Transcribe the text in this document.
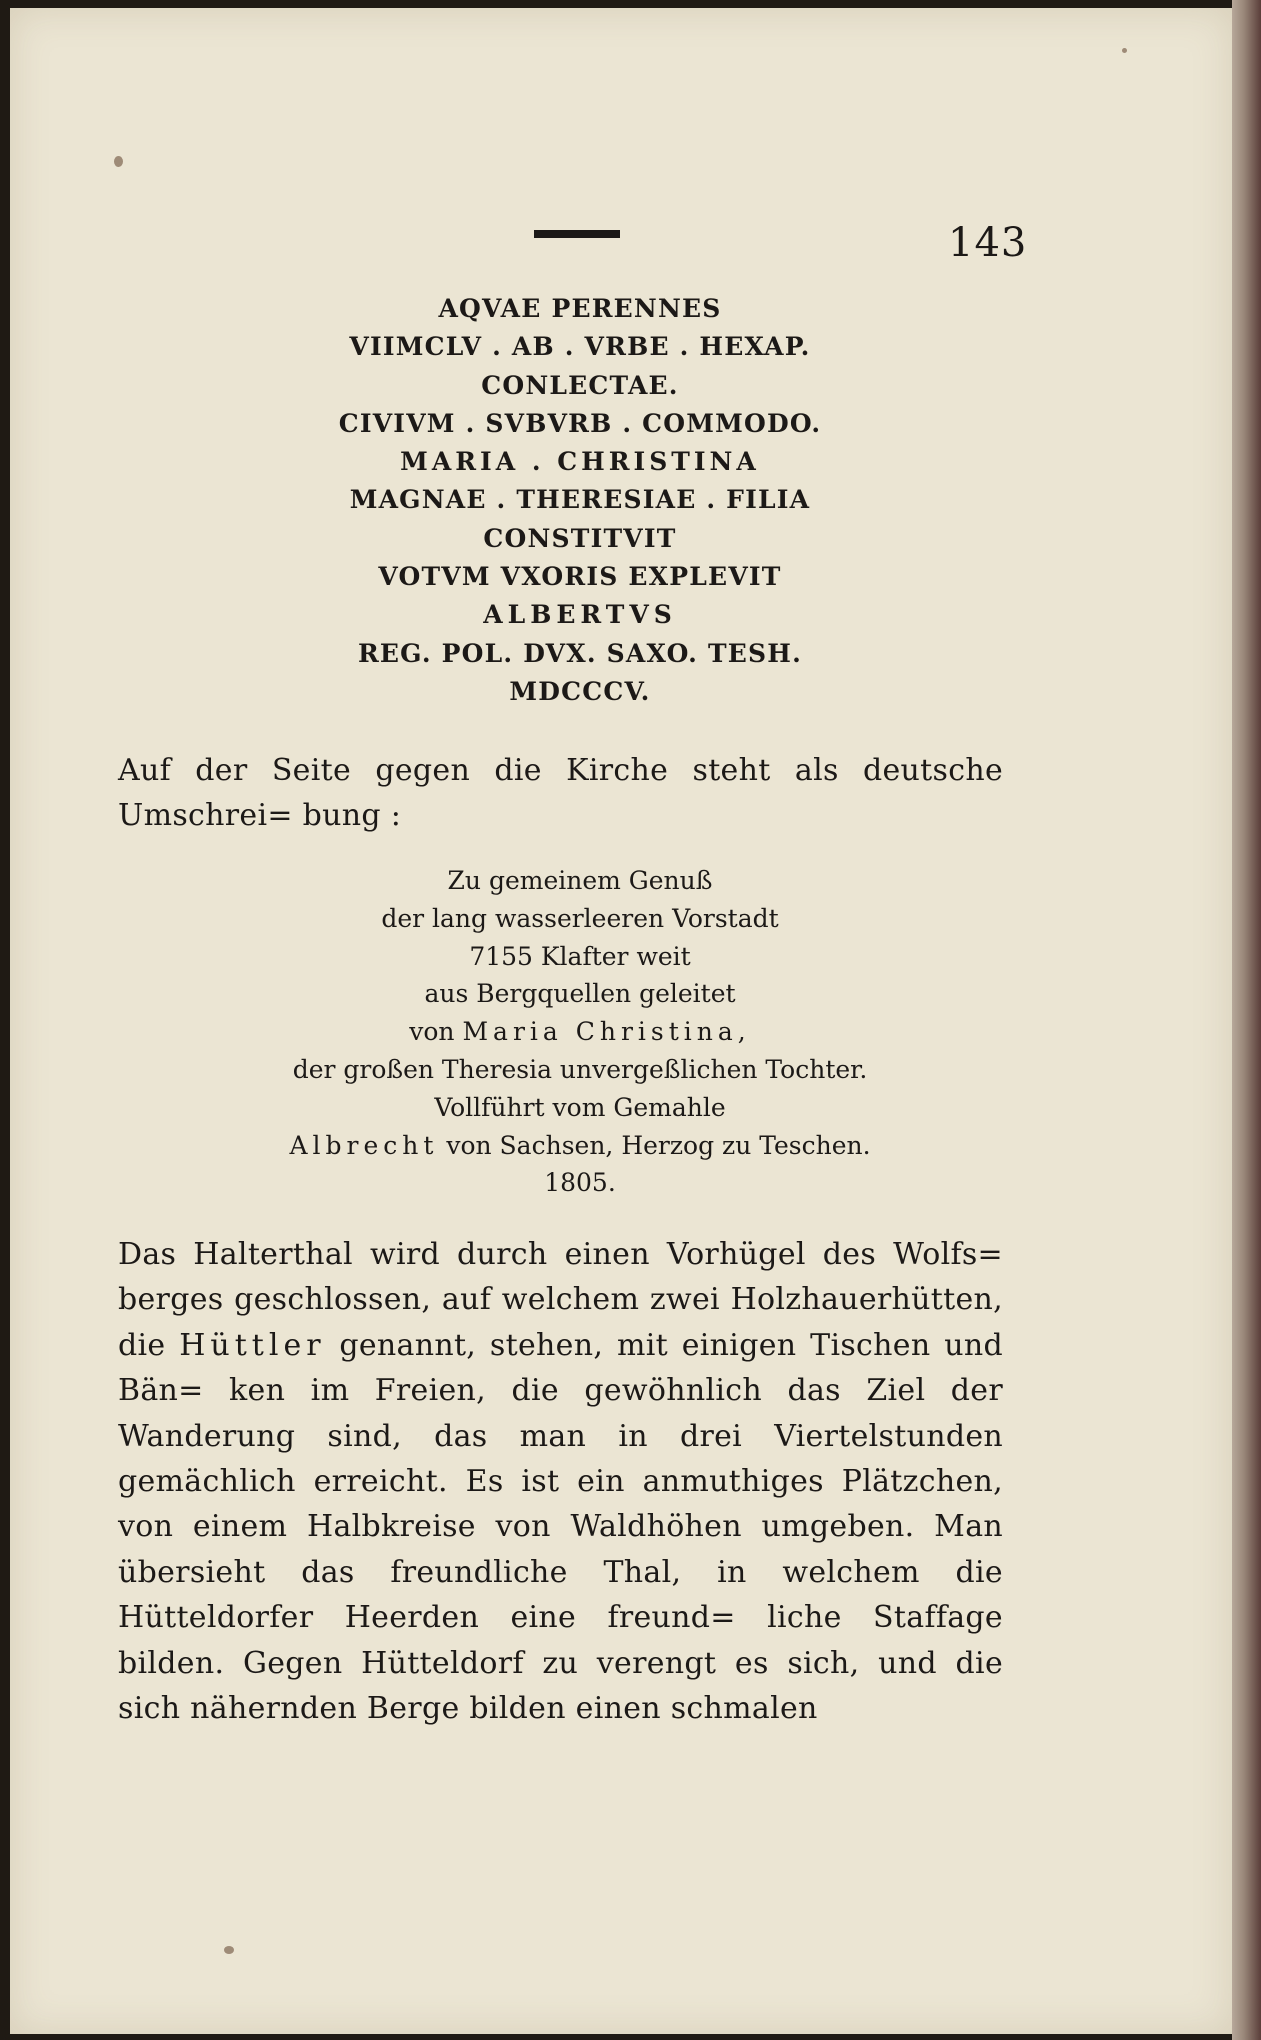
143
AQVAE PERENNES
VIIMCLV . AB . VRBE . HEXAP.
CONLECTAE.
CIVIVM . SVBVRB . COMMODO.
MARIA . CHRISTINA
MAGNAE . THERESIAE . FILIA
CONSTITVIT
VOTVM VXORIS EXPLEVIT
ALBERTVS
REG. POL. DVX. SAXO. TESH.
MDCCCV.
Auf der Seite gegen die Kirche steht als deutsche Umschrei= bung :
Zu gemeinem Genuß
der lang wasserleeren Vorstadt
7155 Klafter weit
aus Bergquellen geleitet
von Maria Christina,
der großen Theresia unvergeßlichen Tochter.
Vollführt vom Gemahle
Albrecht von Sachsen, Herzog zu Teschen.
1805.
Das Halterthal wird durch einen Vorhügel des Wolfs= berges geschlossen, auf welchem zwei Holzhauerhütten, die Hüttler genannt, stehen, mit einigen Tischen und Bän= ken im Freien, die gewöhnlich das Ziel der Wanderung sind, das man in drei Viertelstunden gemächlich erreicht. Es ist ein anmuthiges Plätzchen, von einem Halbkreise von Waldhöhen umgeben. Man übersieht das freundliche Thal, in welchem die Hütteldorfer Heerden eine freund= liche Staffage bilden. Gegen Hütteldorf zu verengt es sich, und die sich nähernden Berge bilden einen schmalen
